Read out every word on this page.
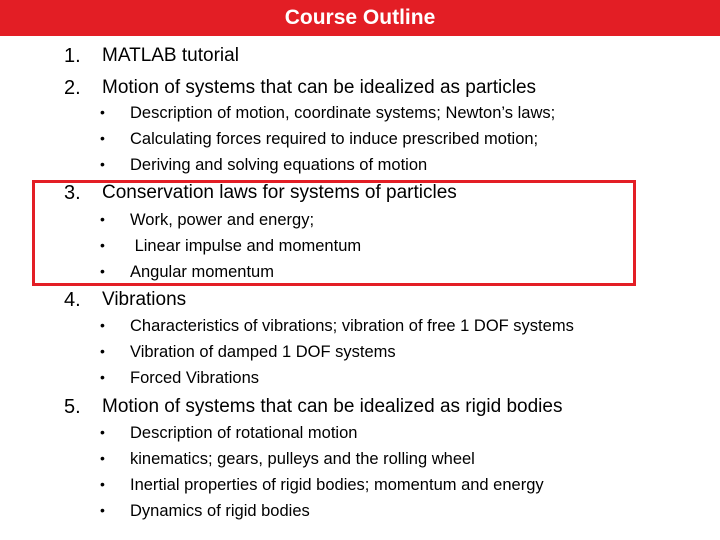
Course Outline
1. MATLAB tutorial
2. Motion of systems that can be idealized as particles
• Description of motion, coordinate systems; Newton’s laws;
• Calculating forces required to induce prescribed motion;
• Deriving and solving equations of motion
3. Conservation laws for systems of particles
• Work, power and energy;
• Linear impulse and momentum
• Angular momentum
4. Vibrations
• Characteristics of vibrations; vibration of free 1 DOF systems
• Vibration of damped 1 DOF systems
• Forced Vibrations
5. Motion of systems that can be idealized as rigid bodies
• Description of rotational motion
• kinematics; gears, pulleys and the rolling wheel
• Inertial properties of rigid bodies; momentum and energy
• Dynamics of rigid bodies
